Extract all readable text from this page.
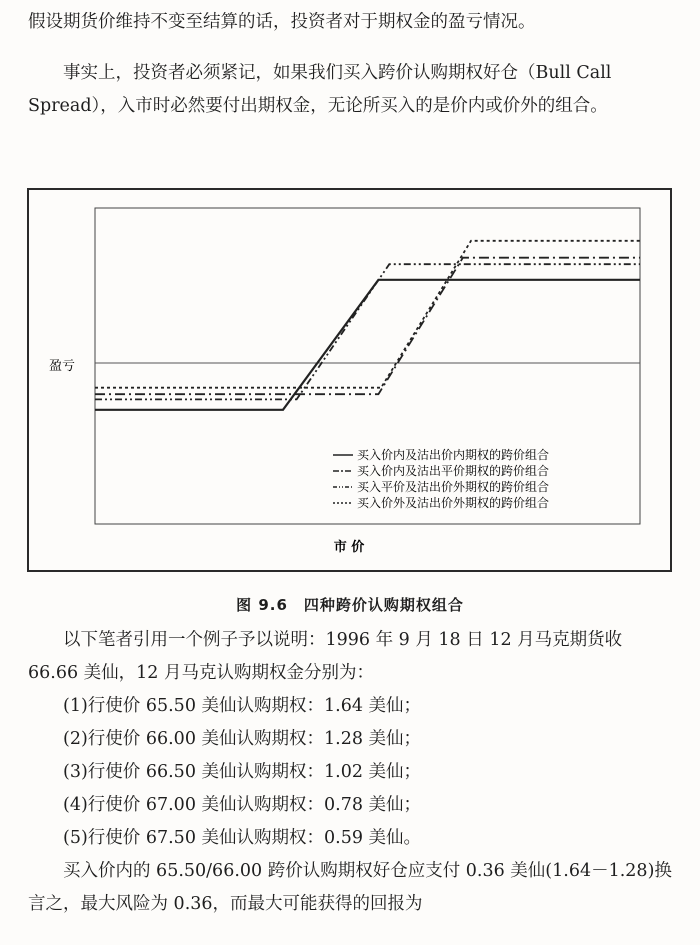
假设期货价维持不变至结算的话，投资者对于期权金的盈亏情况。

事实上，投资者必须紧记，如果我们买入跨价认购期权好仓（Bull Call Spread），入市时必然要付出期权金，无论所买入的是价内或价外的组合。

盈亏
市 价
买入价内及沽出价内期权的跨价组合
买入价内及沽出平价期权的跨价组合
买入平价及沽出价外期权的跨价组合
买入价外及沽出价外期权的跨价组合
图 9.6　四种跨价认购期权组合

以下笔者引用一个例子予以说明：1996 年 9 月 18 日 12 月马克期货收 66.66 美仙，12 月马克认购期权金分别为：

(1)行使价 65.50 美仙认购期权：1.64 美仙；
(2)行使价 66.00 美仙认购期权：1.28 美仙；
(3)行使价 66.50 美仙认购期权：1.02 美仙；
(4)行使价 67.00 美仙认购期权：0.78 美仙；
(5)行使价 67.50 美仙认购期权：0.59 美仙。

买入价内的 65.50/66.00 跨价认购期权好仓应支付 0.36 美仙(1.64－1.28)换言之，最大风险为 0.36，而最大可能获得的回报为
